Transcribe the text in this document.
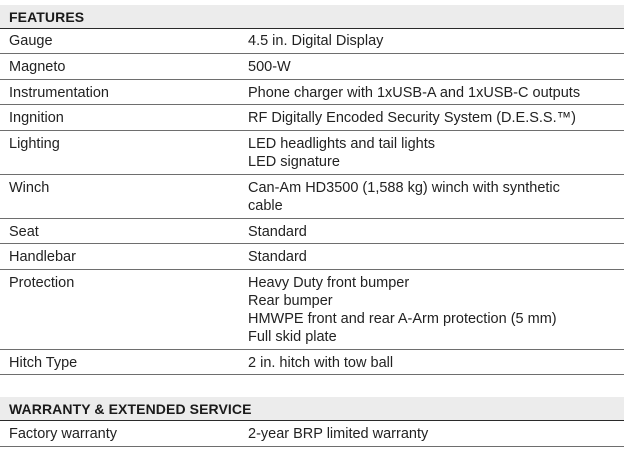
FEATURES
Gauge	4.5 in. Digital Display
Magneto	500-W
Instrumentation	Phone charger with 1xUSB-A and 1xUSB-C outputs
Ingnition	RF Digitally Encoded Security System (D.E.S.S.™)
Lighting	LED headlights and tail lights
LED signature
Winch	Can-Am HD3500 (1,588 kg) winch with synthetic
cable
Seat	Standard
Handlebar	Standard
Protection	Heavy Duty front bumper
Rear bumper
HMWPE front and rear A-Arm protection (5 mm)
Full skid plate
Hitch Type	2 in. hitch with tow ball
WARRANTY & EXTENDED SERVICE
Factory warranty	2-year BRP limited warranty
